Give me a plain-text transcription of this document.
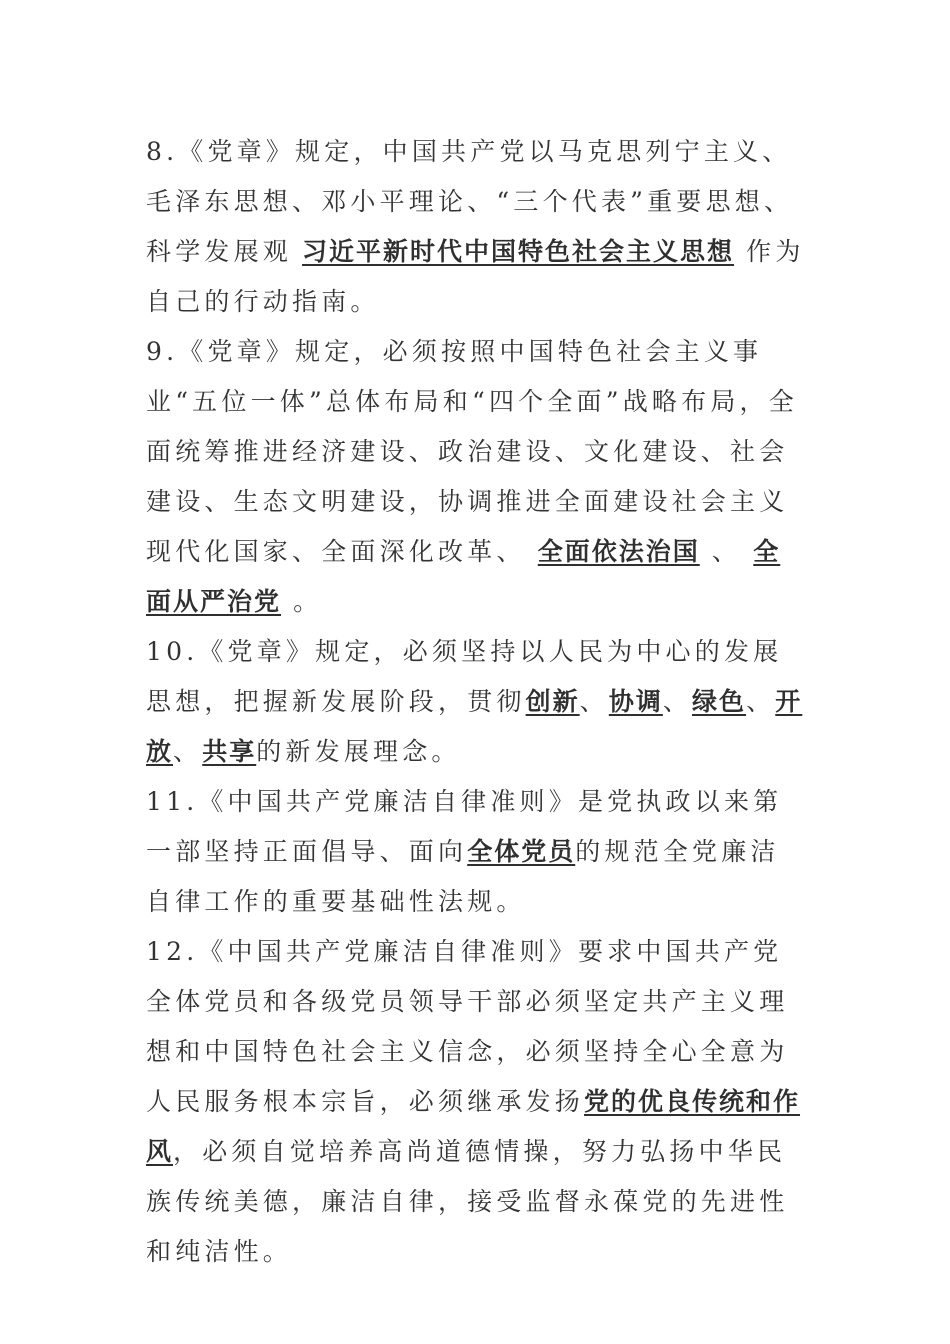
8.《党章》规定，中国共产党以马克思列宁主义、毛泽东思想、邓小平理论、“三个代表”重要思想、科学发展观 习近平新时代中国特色社会主义思想 作为自己的行动指南。

9.《党章》规定，必须按照中国特色社会主义事业“五位一体”总体布局和“四个全面”战略布局，全面统筹推进经济建设、政治建设、文化建设、社会建设、生态文明建设，协调推进全面建设社会主义现代化国家、全面深化改革、 全面依法治国 、 全面从严治党 。

10.《党章》规定，必须坚持以人民为中心的发展思想，把握新发展阶段，贯彻创新、协调、绿色、开放、共享的新发展理念。

11.《中国共产党廉洁自律准则》是党执政以来第一部坚持正面倡导、面向全体党员的规范全党廉洁自律工作的重要基础性法规。

12.《中国共产党廉洁自律准则》要求中国共产党全体党员和各级党员领导干部必须坚定共产主义理想和中国特色社会主义信念，必须坚持全心全意为人民服务根本宗旨，必须继承发扬党的优良传统和作风，必须自觉培养高尚道德情操，努力弘扬中华民族传统美德，廉洁自律，接受监督永葆党的先进性和纯洁性。
